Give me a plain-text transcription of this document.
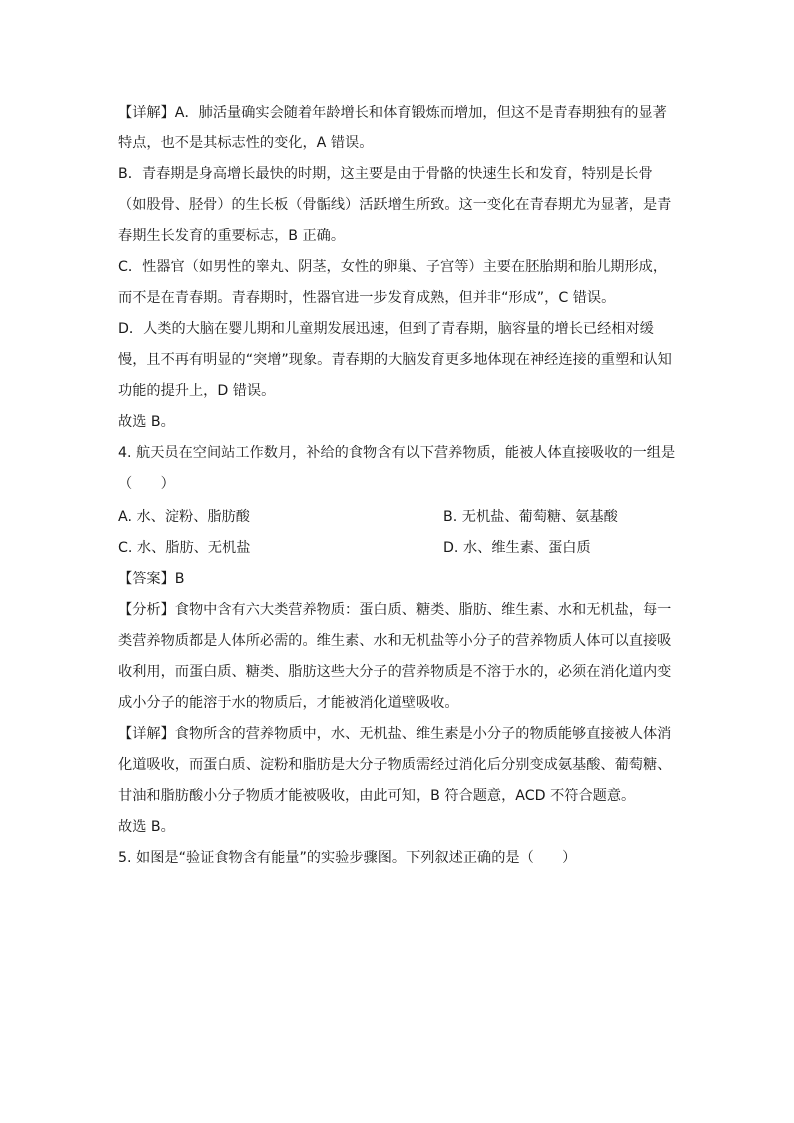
【详解】A．肺活量确实会随着年龄增长和体育锻炼而增加，但这不是青春期独有的显著
特点，也不是其标志性的变化，A 错误。
B．青春期是身高增长最快的时期，这主要是由于骨骼的快速生长和发育，特别是长骨
（如股骨、胫骨）的生长板（骨骺线）活跃增生所致。这一变化在青春期尤为显著，是青
春期生长发育的重要标志，B 正确。
C．性器官（如男性的睾丸、阴茎，女性的卵巢、子宫等）主要在胚胎期和胎儿期形成，
而不是在青春期。青春期时，性器官进一步发育成熟，但并非“形成”，C 错误。
D．人类的大脑在婴儿期和儿童期发展迅速，但到了青春期，脑容量的增长已经相对缓
慢，且不再有明显的“突增”现象。青春期的大脑发育更多地体现在神经连接的重塑和认知
功能的提升上，D 错误。
故选 B。
4. 航天员在空间站工作数月，补给的食物含有以下营养物质，能被人体直接吸收的一组是
（　　）
A. 水、淀粉、脂肪酸	B. 无机盐、葡萄糖、氨基酸
C. 水、脂肪、无机盐	D. 水、维生素、蛋白质
【答案】B
【分析】食物中含有六大类营养物质：蛋白质、糖类、脂肪、维生素、水和无机盐，每一
类营养物质都是人体所必需的。维生素、水和无机盐等小分子的营养物质人体可以直接吸
收利用，而蛋白质、糖类、脂肪这些大分子的营养物质是不溶于水的，必须在消化道内变
成小分子的能溶于水的物质后，才能被消化道壁吸收。
【详解】食物所含的营养物质中，水、无机盐、维生素是小分子的物质能够直接被人体消
化道吸收，而蛋白质、淀粉和脂肪是大分子物质需经过消化后分别变成氨基酸、葡萄糖、
甘油和脂肪酸小分子物质才能被吸收，由此可知，B 符合题意，ACD 不符合题意。
故选 B。
5. 如图是“验证食物含有能量”的实验步骤图。下列叙述正确的是（　　）
